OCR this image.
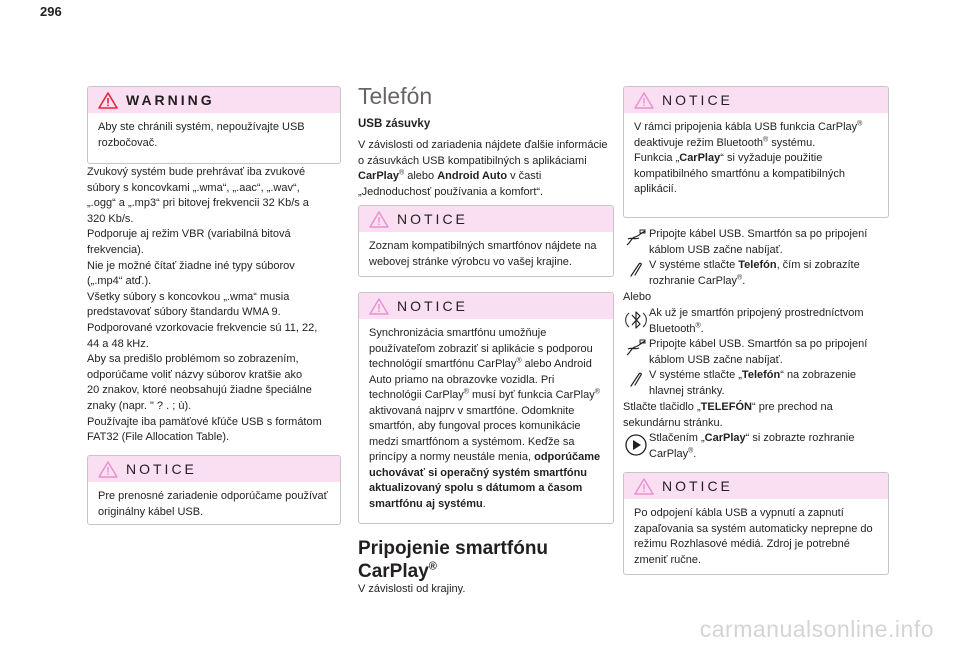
296
WARNING
Aby ste chránili systém, nepoužívajte USB rozbočovač.

Zvukový systém bude prehrávať iba zvukové

súbory s koncovkami „.wma“, „.aac“, „.wav“,

„.ogg“ a „.mp3“ pri bitovej frekvencii 32 Kb/s a

320 Kb/s.

Podporuje aj režim VBR (variabilná bitová

frekvencia).

Nie je možné čítať žiadne iné typy súborov

(„.mp4“ atď.).

Všetky súbory s koncovkou „.wma“ musia

predstavovať súbory štandardu WMA 9.

Podporované vzorkovacie frekvencie sú 11, 22,

44 a 48 kHz.

Aby sa predišlo problémom so zobrazením,

odporúčame voliť názvy súborov kratšie ako

20 znakov, ktoré neobsahujú žiadne špeciálne

znaky (napr. " ? . ; ù).

Používajte iba pamäťové kľúče USB s formátom

FAT32 (File Allocation Table).

NOTICE
Pre prenosné zariadenie odporúčame používať originálny kábel USB.
Telefón
USB zásuvky
V závislosti od zariadenia nájdete ďalšie informácie o zásuvkách USB kompatibilných s aplikáciami CarPlay® alebo Android Auto v časti „Jednoduchosť používania a komfort“.
NOTICE
Zoznam kompatibilných smartfónov nájdete na webovej stránke výrobcu vo vašej krajine.
NOTICE
Synchronizácia smartfónu umožňuje používateľom zobraziť si aplikácie s podporou technológií smartfónu CarPlay® alebo Android Auto priamo na obrazovke vozidla. Pri technológii CarPlay® musí byť funkcia CarPlay® aktivovaná najprv v smartfóne. Odomknite smartfón, aby fungoval proces komunikácie medzi smartfónom a systémom. Keďže sa princípy a normy neustále menia, odporúčame uchovávať si operačný systém smartfónu aktualizovaný spolu s dátumom a časom smartfónu aj systému.
Pripojenie smartfónu
CarPlay®
V závislosti od krajiny.
NOTICE
V rámci pripojenia kábla USB funkcia CarPlay® deaktivuje režim Bluetooth® systému.
Funkcia „CarPlay“ si vyžaduje použitie kompatibilného smartfónu a kompatibilných aplikácií.
Pripojte kábel USB. Smartfón sa po pripojení káblom USB začne nabíjať.
V systéme stlačte Telefón, čím si zobrazíte rozhranie CarPlay®.
Alebo
Ak už je smartfón pripojený prostredníctvom Bluetooth®.
Pripojte kábel USB. Smartfón sa po pripojení káblom USB začne nabíjať.
V systéme stlačte „Telefón“ na zobrazenie hlavnej stránky.
Stlačte tlačidlo „TELEFÓN“ pre prechod na sekundárnu stránku.
Stlačením „CarPlay“ si zobrazte rozhranie CarPlay®.
NOTICE
Po odpojení kábla USB a vypnutí a zapnutí zapaľovania sa systém automaticky neprepne do režimu Rozhlasové médiá. Zdroj je potrebné zmeniť ručne.
carmanualsonline.info
